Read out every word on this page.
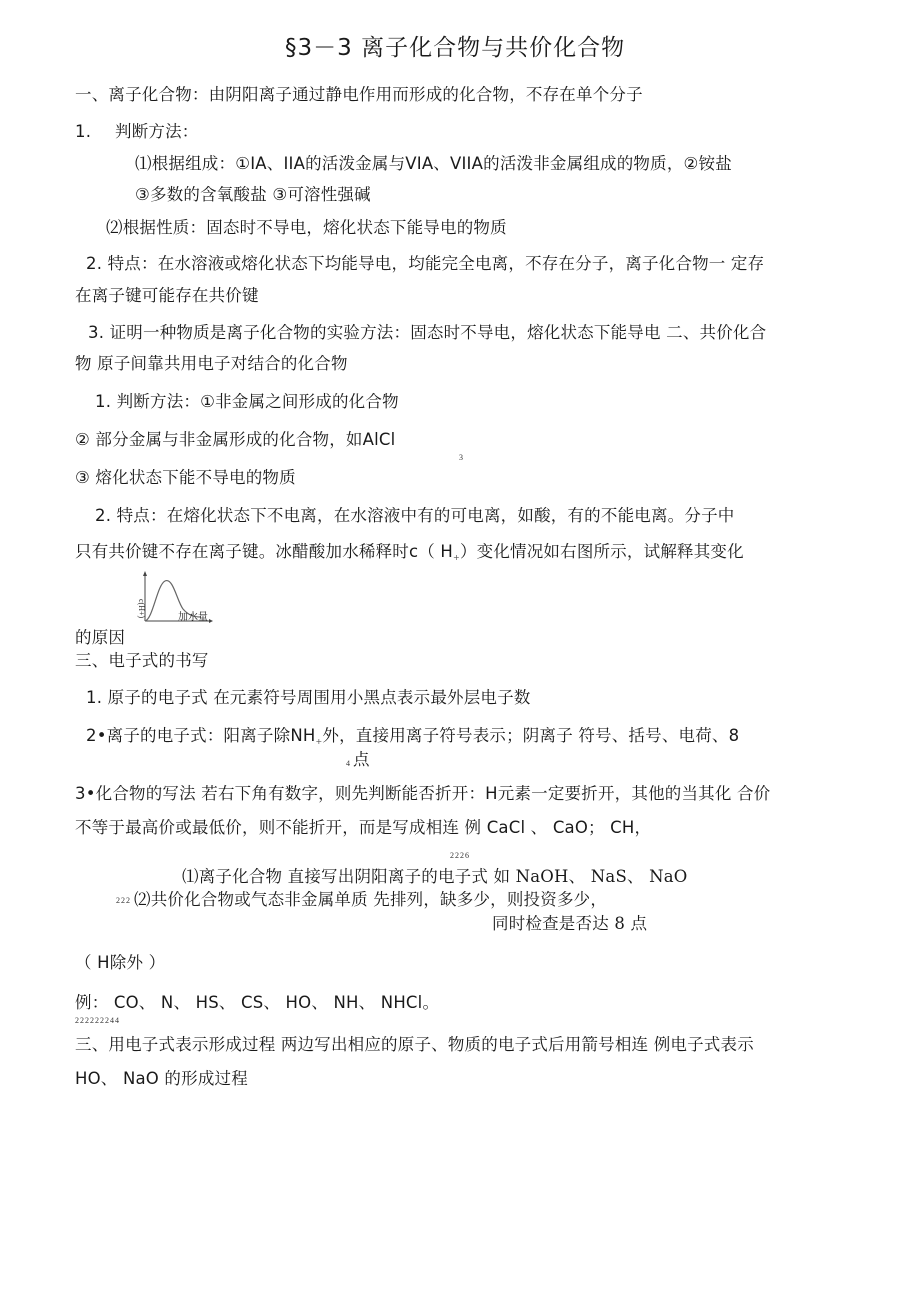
§3－3 离子化合物与共价化合物
一、离子化合物：由阴阳离子通过静电作用而形成的化合物，不存在单个分子
1. 判断方法：
⑴根据组成：①IA、IIA的活泼金属与VIA、VIIA的活泼非金属组成的物质，②铵盐
③多数的含氧酸盐 ③可溶性强碱
⑵根据性质：固态时不导电，熔化状态下能导电的物质
2. 特点：在水溶液或熔化状态下均能导电，均能完全电离，不存在分子，离子化合物一 定存
在离子键可能存在共价键
3. 证明一种物质是离子化合物的实验方法：固态时不导电，熔化状态下能导电 二、共价化合
物 原子间靠共用电子对结合的化合物
1. 判断方法：①非金属之间形成的化合物
② 部分金属与非金属形成的化合物，如AlCl
3
③ 熔化状态下能不导电的物质
2. 特点：在熔化状态下不电离，在水溶液中有的可电离，如酸，有的不能电离。分子中
只有共价键不存在离子键。冰醋酸加水稀释时c（ $H_+$）变化情况如右图所示，试解释其变化
c(H+)	加水量
的原因
三、电子式的书写
1. 原子的电子式 在元素符号周围用小黑点表示最外层电子数
2•离子的电子式：阳离子除$NH_+$外，直接用离子符号表示；阴离子 符号、括号、电荷、8
4 点
3•化合物的写法 若右下角有数字，则先判断能否折开：H元素一定要折开，其他的当其化 合价
不等于最高价或最低价，则不能折开，而是写成相连 例 CaCl 、 CaO； CH，
2226
⑴离子化合物 直接写出阴阳离子的电子式 如 NaOH、 NaS、 NaO
222 ⑵共价化合物或气态非金属单质 先排列，缺多少，则投资多少，
同时检查是否达 8 点
（ H除外 ）
例： CO、 N、 HS、 CS、 HO、 NH、 NHCl。
222222244
三、用电子式表示形成过程 两边写出相应的原子、物质的电子式后用箭号相连 例电子式表示
HO、 NaO 的形成过程
